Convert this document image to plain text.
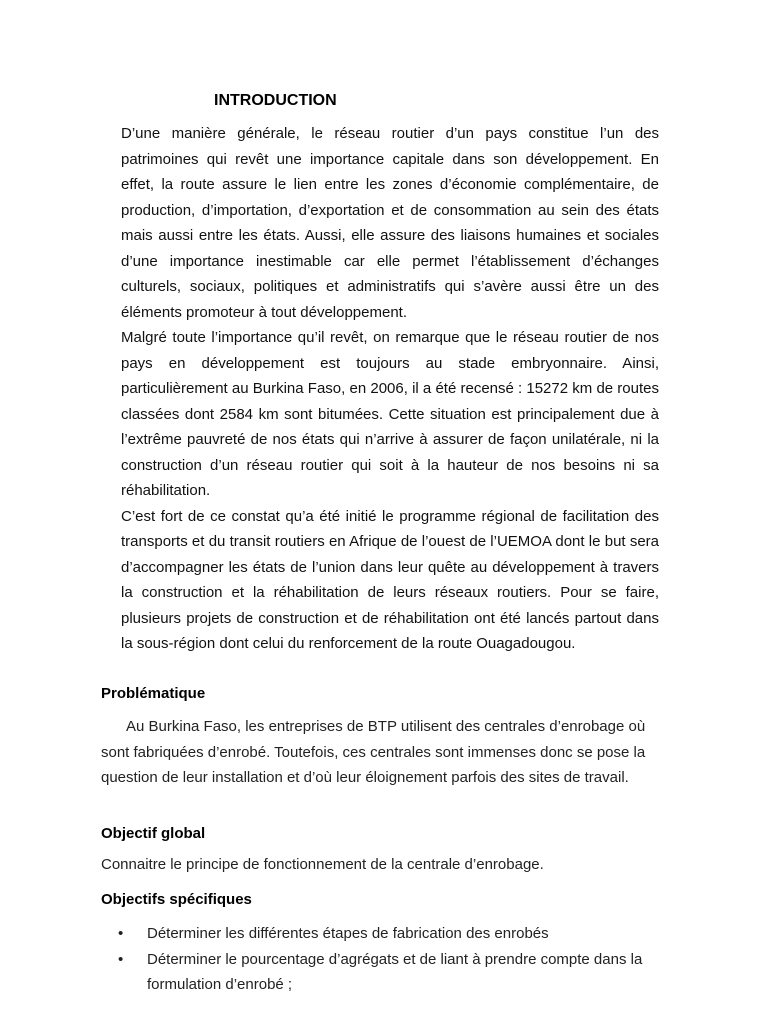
INTRODUCTION

D’une manière générale, le réseau routier d’un pays constitue l’un des patrimoines qui revêt une importance capitale dans son développement. En effet, la route assure le lien entre les zones d’économie complémentaire, de production, d’importation, d’exportation et de consommation au sein des états mais aussi entre les états. Aussi, elle assure des liaisons humaines et sociales d’une importance inestimable car elle permet l’établissement d’échanges culturels, sociaux, politiques et administratifs qui s’avère aussi être un des éléments promoteur à tout développement.

Malgré toute l’importance qu’il revêt, on remarque que le réseau routier de nos pays en développement est toujours au stade embryonnaire. Ainsi, particulièrement au Burkina Faso, en 2006, il a été recensé : 15272 km de routes classées dont 2584 km sont bitumées. Cette situation est principalement due à l’extrême pauvreté de nos états qui n’arrive à assurer de façon unilatérale, ni la construction d’un réseau routier qui soit à la hauteur de nos besoins ni sa réhabilitation.

C’est fort de ce constat qu’a été initié le programme régional de facilitation des transports et du transit routiers en Afrique de l’ouest de l’UEMOA dont le but sera d’accompagner les états de l’union dans leur quête au développement à travers la construction et la réhabilitation de leurs réseaux routiers. Pour se faire, plusieurs projets de construction et de réhabilitation ont été lancés partout dans la sous-région dont celui du renforcement de la route Ouagadougou.

Problématique

Au Burkina Faso, les entreprises de BTP utilisent des centrales d’enrobage où sont fabriquées d’enrobé. Toutefois, ces centrales sont immenses donc se pose la question de leur installation et d’où leur éloignement parfois des sites de travail.

Objectif global

Connaitre le principe de fonctionnement de la centrale d’enrobage.

Objectifs spécifiques
• Déterminer les différentes étapes de fabrication des enrobés
• Déterminer le pourcentage d’agrégats et de liant à prendre compte dans la formulation d’enrobé ;
